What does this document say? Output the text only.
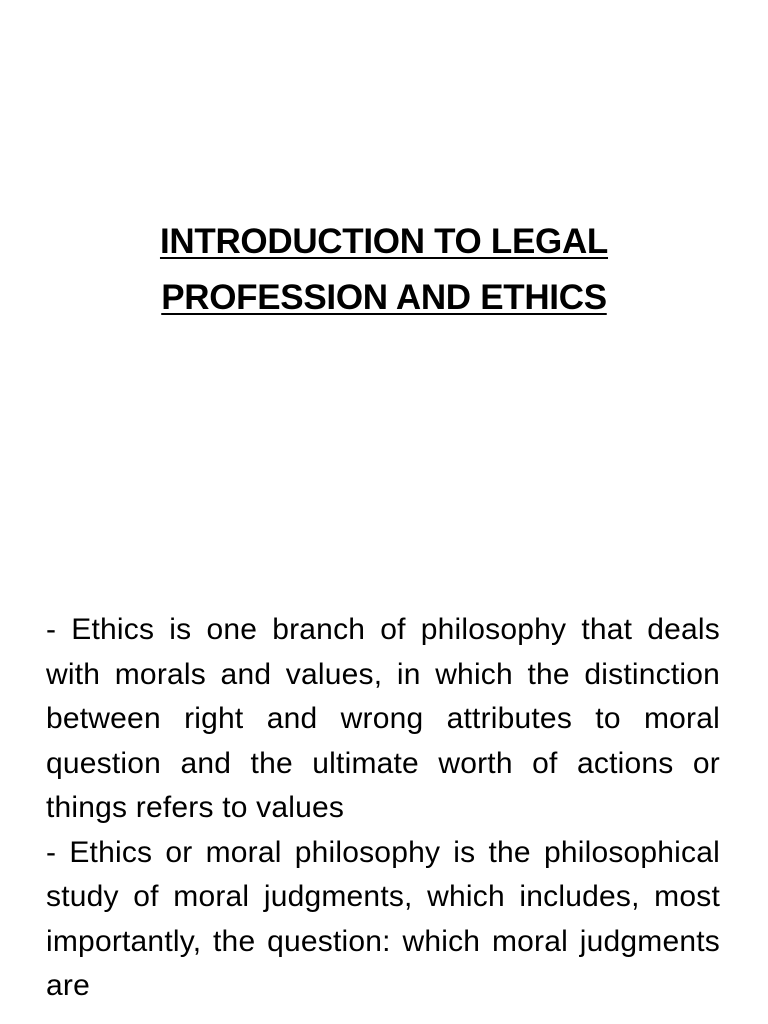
INTRODUCTION TO LEGAL
PROFESSION AND ETHICS

- Ethics is one branch of philosophy that deals with morals and values, in which the distinction between right and wrong attributes to moral question and the ultimate worth of actions or things refers to values

- Ethics or moral philosophy is the philosophical study of moral judgments, which includes, most importantly, the question: which moral judgments are
